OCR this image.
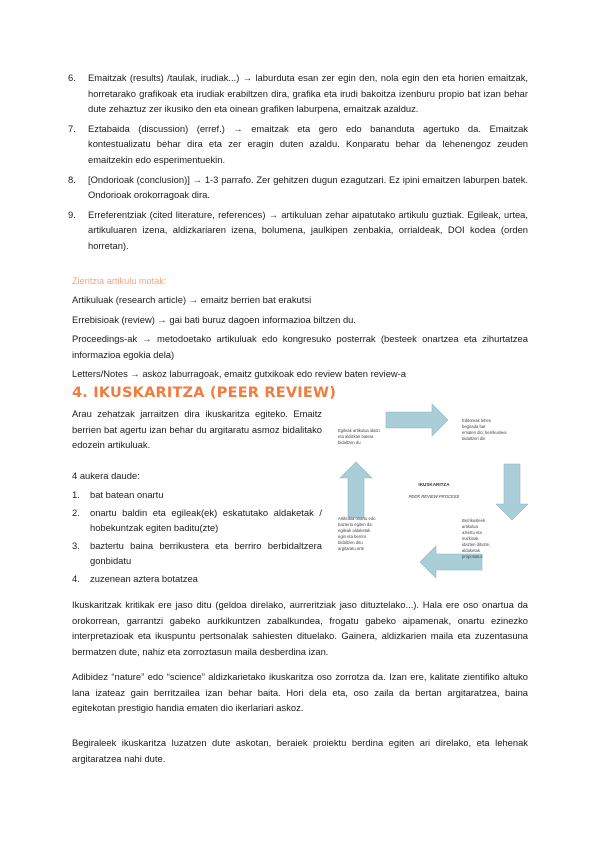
6. Emaitzak (results) /taulak, irudiak...) → laburduta esan zer egin den, nola egin den eta horien emaitzak, horretarako grafikoak eta irudiak erabiltzen dira, grafika eta irudi bakoitza izenburu propio bat izan behar dute zehaztuz zer ikusiko den eta oinean grafiken laburpena, emaitzak azalduz.
7. Eztabaida (discussion) (erref.) → emaitzak eta gero edo bananduta agertuko da. Emaitzak kontestualizatu behar dira eta zer eragin duten azaldu. Konparatu behar da lehenengoz zeuden emaitzekin edo esperimentuekin.
8. [Ondorioak (conclusion)] → 1-3 parrafo. Zer gehitzen dugun ezagutzari. Ez ipini emaitzen laburpen batek. Ondorioak orokorragoak dira.
9. Erreferentziak (cited literature, references) → artikuluan zehar aipatutako artikulu guztiak. Egileak, urtea, artikuluaren izena, aldizkariaren izena, bolumena, jaulkipen zenbakia, orrialdeak, DOI kodea (orden horretan).
Zientzia artikulu motak:

Artikuluak (research article) → emaitz berrien bat erakutsi

Errebisioak (review) → gai bati buruz dagoen informazioa biltzen du.

Proceedings-ak → metodoetako artikuluak edo kongresuko posterrak (besteek onartzea eta zihurtatzea informazioa egokia dela)

Letters/Notes → askoz laburragoak, emaitz gutxikoak edo review baten review-a

4. IKUSKARITZA (PEER REVIEW)
Arau zehatzak jarraitzen dira ikuskaritza egiteko. Emaitz berrien bat agertu izan behar du argitaratu asmoz bidalitako edozein artikuluak.
4 aukera daude:
1. bat batean onartu
2. onartu baldin eta egileak(ek) eskatutako aldaketak / hobekuntzak egiten baditu(zte)
3. baztertu baina berrikustera eta berriro berbidaltzera gonbidatu
4. zuzenean aztera botatzea
Egileak artikulua idatzi
eta aldizkari batera
bidaltzen du
Editoreak lehen
begirada bat
ematen dio; berrikusleei
bidaltzen die
Berrikusleek
artikulua
aztertu eta
iruzkinak
idazten dituzte,
aldaketak
proposatuz
Artikulua onartu edo
baztertu egiten da;
egileak aldaketak
egin eta berriro
bidaltzen ditu
argitaratu arte
IKUSKARITZA
PEER REVIEW PROCESS

Ikuskaritzak kritikak ere jaso ditu (geldoa direlako, aurreritziak jaso dituztelako...). Hala ere oso onartua da orokorrean, garrantzi gabeko aurkikuntzen zabalkundea, frogatu gabeko aipamenak, onartu ezinezko interpretazioak eta ikuspuntu pertsonalak sahiesten dituelako. Gainera, aldizkarien maila eta zuzentasuna bermatzen dute, nahiz eta zorroztasun maila desberdina izan.

Adibidez “nature” edo “science” aldizkarietako ikuskaritza oso zorrotza da. Izan ere, kalitate zientifiko altuko lana izateaz gain berritzailea izan behar baita. Hori dela eta, oso zaila da bertan argitaratzea, baina egitekotan prestigio handia ematen dio ikerlariari askoz.

Begiraleek ikuskaritza luzatzen dute askotan, beraiek proiektu berdina egiten ari direlako, eta lehenak argitaratzea nahi dute.
